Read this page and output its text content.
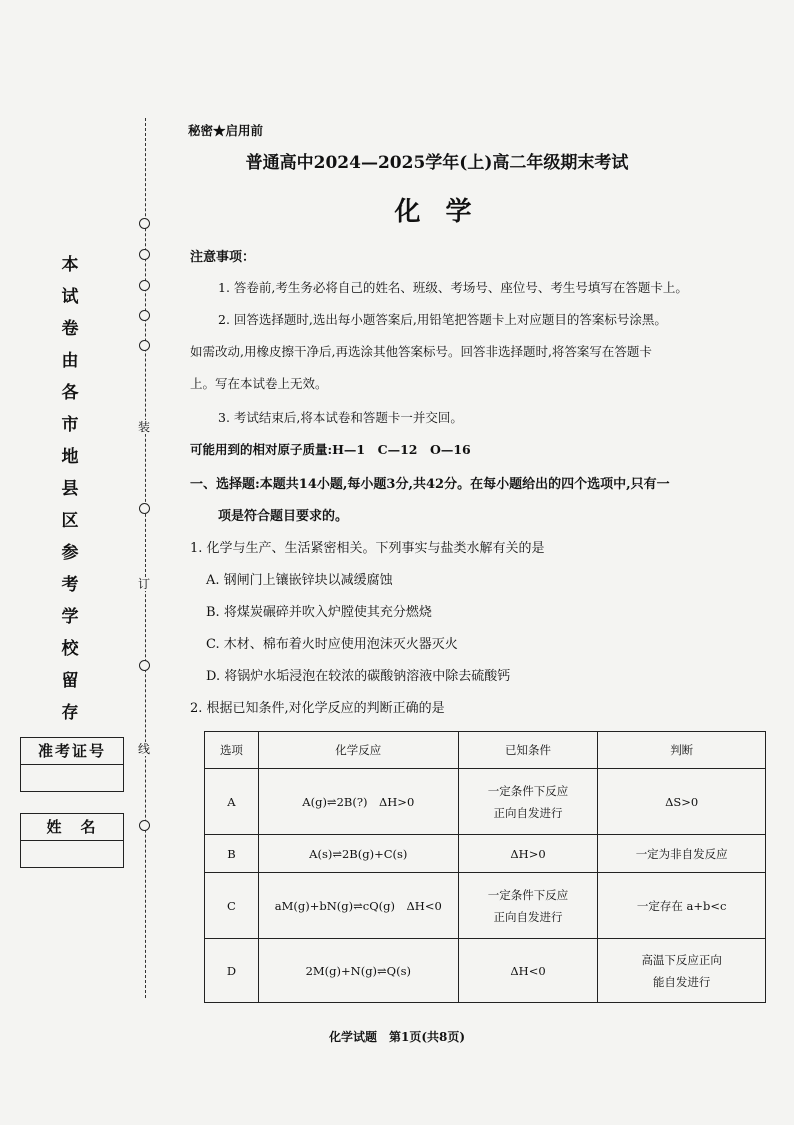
装
订
线
本
试
卷
由
各
市
地
县
区
参
考
学
校
留
存
准考证号
姓　名

秘密★启用前

普通高中2024—2025学年(上)高二年级期末考试

化 学

注意事项：

1. 答卷前,考生务必将自己的姓名、班级、考场号、座位号、考生号填写在答题卡上。

2. 回答选择题时,选出每小题答案后,用铅笔把答题卡上对应题目的答案标号涂黑。

如需改动,用橡皮擦干净后,再选涂其他答案标号。回答非选择题时,将答案写在答题卡

上。写在本试卷上无效。

3. 考试结束后,将本试卷和答题卡一并交回。

可能用到的相对原子质量:H—1　C—12　O—16

一、选择题:本题共14小题,每小题3分,共42分。在每小题给出的四个选项中,只有一

项是符合题目要求的。

1. 化学与生产、生活紧密相关。下列事实与盐类水解有关的是

A. 钢闸门上镶嵌锌块以减缓腐蚀

B. 将煤炭碾碎并吹入炉膛使其充分燃烧

C. 木材、棉布着火时应使用泡沫灭火器灭火

D. 将锅炉水垢浸泡在较浓的碳酸钠溶液中除去硫酸钙

2. 根据已知条件,对化学反应的判断正确的是

选项	化学反应	已知条件	判断
A	A(g)⇌2B(?)　ΔH>0	一定条件下反应
正向自发进行	ΔS>0
B	A(s)⇌2B(g)+C(s)	ΔH>0	一定为非自发反应
C	aM(g)+bN(g)⇌cQ(g)　ΔH<0	一定条件下反应
正向自发进行	一定存在 a+b<c
D	2M(g)+N(g)⇌Q(s)	ΔH<0	高温下反应正向
能自发进行
化学试题　第1页(共8页)
